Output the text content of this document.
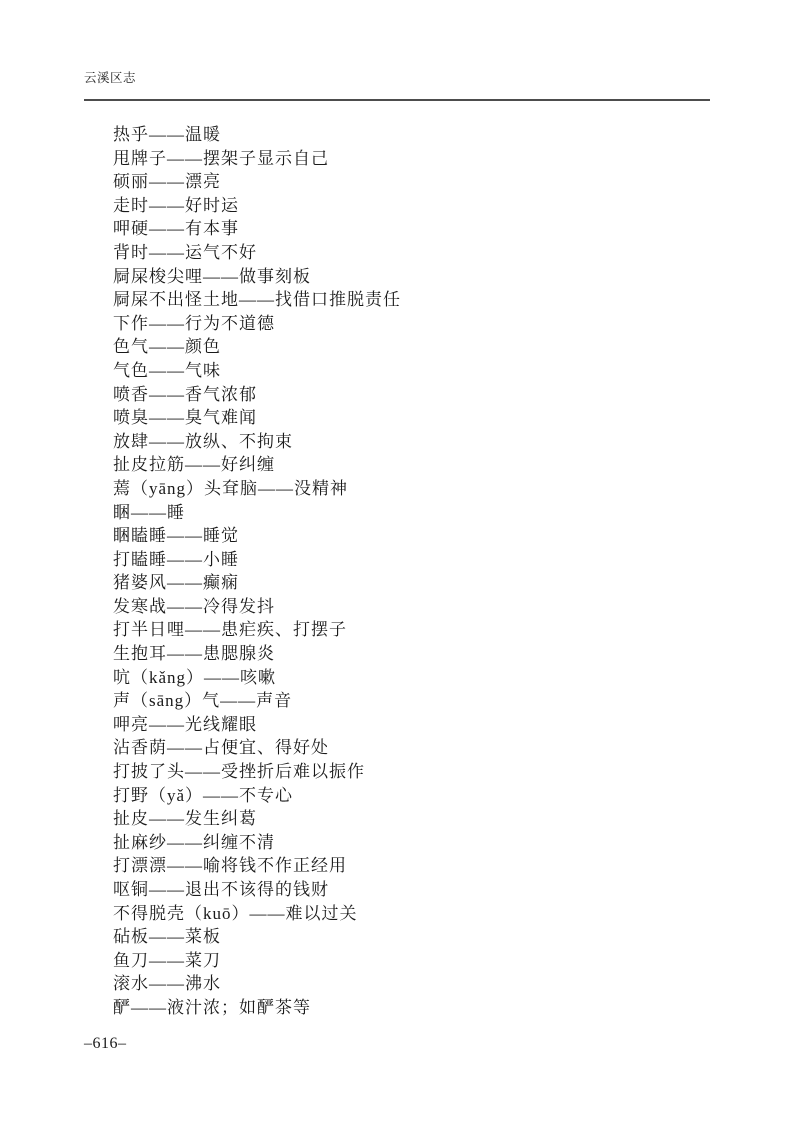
云溪区志
热乎——温暖
甩牌子——摆架子显示自己
硕丽——漂亮
走时——好时运
呷硬——有本事
背时——运气不好
屙屎梭尖哩——做事刻板
屙屎不出怪土地——找借口推脱责任
下作——行为不道德
色气——颜色
气色——气味
喷香——香气浓郁
喷臭——臭气难闻
放肆——放纵、不拘束
扯皮拉筋——好纠缠
蔫（yāng）头耷脑——没精神
睏——睡
睏瞌睡——睡觉
打瞌睡——小睡
猪婆风——癫痫
发寒战——冷得发抖
打半日哩——患疟疾、打摆子
生抱耳——患腮腺炎
吭（kǎng）——咳嗽
声（sāng）气——声音
呷亮——光线耀眼
沾香荫——占便宜、得好处
打披了头——受挫折后难以振作
打野（yǎ）——不专心
扯皮——发生纠葛
扯麻纱——纠缠不清
打漂漂——喻将钱不作正经用
呕铜——退出不该得的钱财
不得脱壳（kuō）——难以过关
砧板——菜板
鱼刀——菜刀
滚水——沸水
酽——液汁浓；如酽茶等
–616–
